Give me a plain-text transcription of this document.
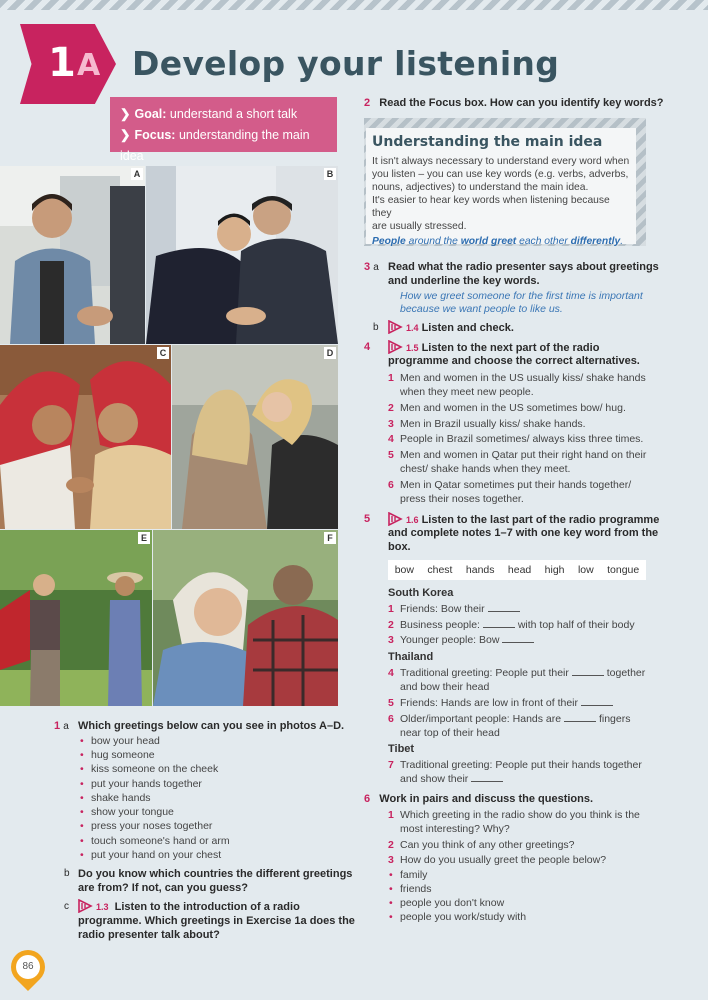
1 A Develop your listening
❯ Goal: understand a short talk
❯ Focus: understanding the main idea
A	B
C	D
E	F
1 a Which greetings below can you see in photos A–D.
• bow your head
• hug someone
• kiss someone on the cheek
• put your hands together
• shake hands
• show your tongue
• press your noses together
• touch someone's hand or arm
• put your hand on your chest
b Do you know which countries the different greetings
are from? If not, can you guess?
c	1.3 Listen to the introduction of a radio
programme. Which greetings in Exercise 1a does the
radio presenter talk about?
2 Read the Focus box. How can you identify key words?
Understanding the main idea
It isn't always necessary to understand every word when
you listen – you can use key words (e.g. verbs, adverbs,
nouns, adjectives) to understand the main idea.
It's easier to hear key words when listening because they
are usually stressed.
People around the world greet each other differently.
3 a Read what the radio presenter says about greetings
and underline the key words.
How we greet someone for the first time is important
because we want people to like us.
b	1.4 Listen and check.
4	1.5 Listen to the next part of the radio
programme and choose the correct alternatives.
1 Men and women in the US usually kiss/ shake hands
when they meet new people.
2 Men and women in the US sometimes bow/ hug.
3 Men in Brazil usually kiss/ shake hands.
4 People in Brazil sometimes/ always kiss three times.
5 Men and women in Qatar put their right hand on their
chest/ shake hands when they meet.
6 Men in Qatar sometimes put their hands together/
press their noses together.
5	1.6 Listen to the last part of the radio programme
and complete notes 1–7 with one key word from the
box.
bow chest hands head high low tongue
South Korea
1 Friends: Bow their
2 Business people:	with top half of their body
3 Younger people: Bow
Thailand
4 Traditional greeting: People put their	together
and bow their head
5 Friends: Hands are low in front of their
6 Older/important people: Hands are	fingers
near top of their head
Tibet
7 Traditional greeting: People put their hands together
and show their
6 Work in pairs and discuss the questions.
1 Which greeting in the radio show do you think is the
most interesting? Why?
2 Can you think of any other greetings?
3 How do you usually greet the people below?
• family
• friends
• people you don't know
• people you work/study with
86
